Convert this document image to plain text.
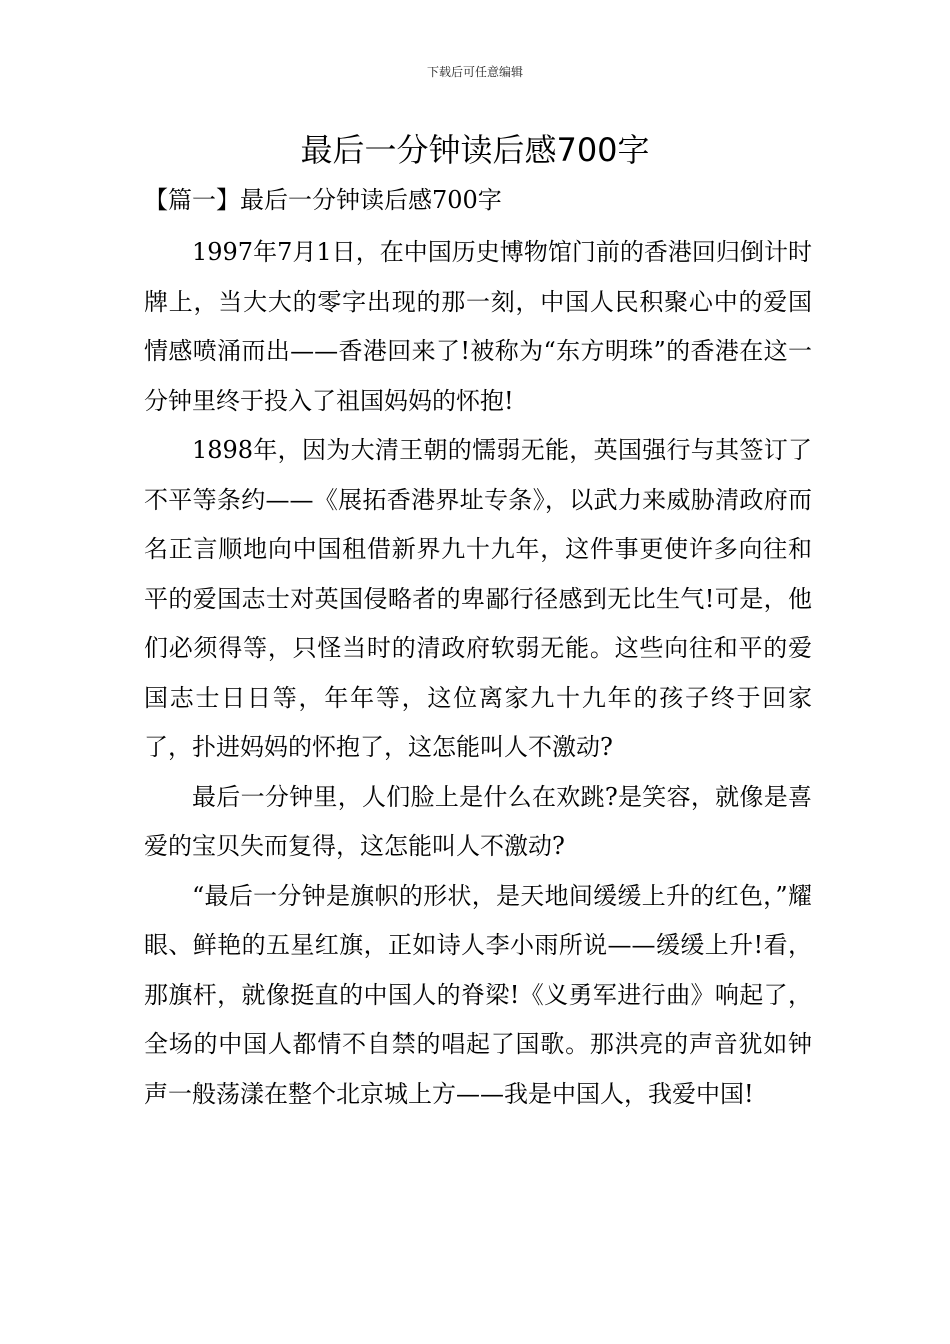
下载后可任意编辑
最后一分钟读后感700字
【篇一】最后一分钟读后感700字

1997年7月1日，在中国历史博物馆门前的香港回归倒计时牌上，当大大的零字出现的那一刻，中国人民积聚心中的爱国情感喷涌而出——香港回来了!被称为“东方明珠”的香港在这一分钟里终于投入了祖国妈妈的怀抱!

1898年，因为大清王朝的懦弱无能，英国强行与其签订了不平等条约——《展拓香港界址专条》，以武力来威胁清政府而名正言顺地向中国租借新界九十九年，这件事更使许多向往和平的爱国志士对英国侵略者的卑鄙行径感到无比生气!可是，他们必须得等，只怪当时的清政府软弱无能。这些向往和平的爱国志士日日等，年年等，这位离家九十九年的孩子终于回家了，扑进妈妈的怀抱了，这怎能叫人不激动?

最后一分钟里，人们脸上是什么在欢跳?是笑容，就像是喜爱的宝贝失而复得，这怎能叫人不激动?

“最后一分钟是旗帜的形状，是天地间缓缓上升的红色，”耀眼、鲜艳的五星红旗，正如诗人李小雨所说——缓缓上升!看，那旗杆，就像挺直的中国人的脊梁!《义勇军进行曲》响起了，全场的中国人都情不自禁的唱起了国歌。那洪亮的声音犹如钟声一般荡漾在整个北京城上方——我是中国人，我爱中国!
